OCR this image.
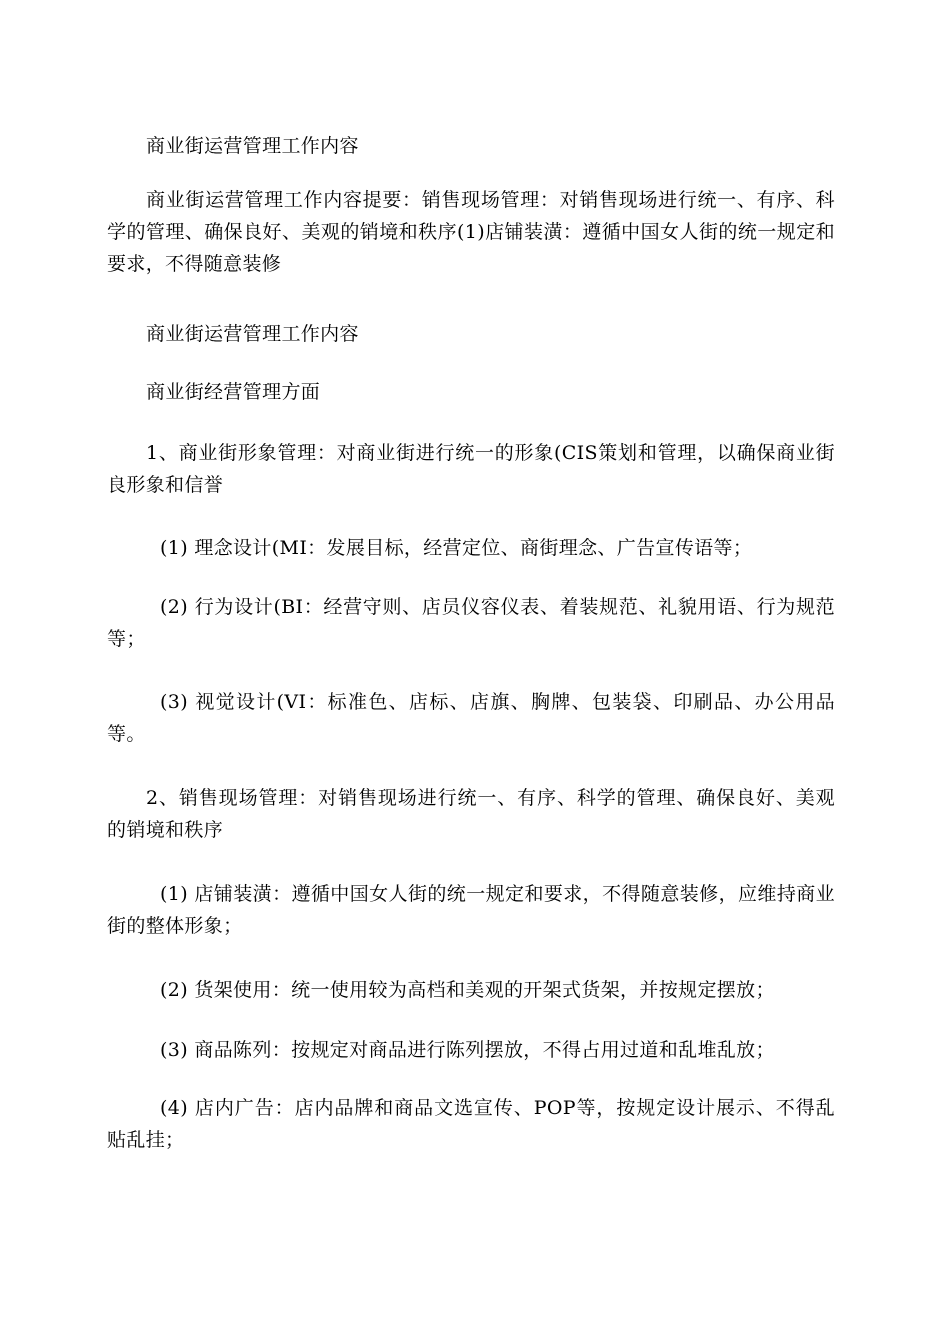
商业街运营管理工作内容

商业街运营管理工作内容提要：销售现场管理：对销售现场进行统一、有序、科学的管理、确保良好、美观的销境和秩序(1)店铺装潢：遵循中国女人街的统一规定和要求，不得随意装修

商业街运营管理工作内容

商业街经营管理方面

1、商业街形象管理：对商业街进行统一的形象(CIS策划和管理，以确保商业街良形象和信誉

(1) 理念设计(MI：发展目标，经营定位、商街理念、广告宣传语等；

(2) 行为设计(BI：经营守则、店员仪容仪表、着装规范、礼貌用语、行为规范等；

(3) 视觉设计(VI：标准色、店标、店旗、胸牌、包装袋、印刷品、办公用品等。

2、销售现场管理：对销售现场进行统一、有序、科学的管理、确保良好、美观的销境和秩序

(1) 店铺装潢：遵循中国女人街的统一规定和要求，不得随意装修，应维持商业街的整体形象；

(2) 货架使用：统一使用较为高档和美观的开架式货架，并按规定摆放；

(3) 商品陈列：按规定对商品进行陈列摆放，不得占用过道和乱堆乱放；

(4) 店内广告：店内品牌和商品文选宣传、POP等，按规定设计展示、不得乱贴乱挂；
